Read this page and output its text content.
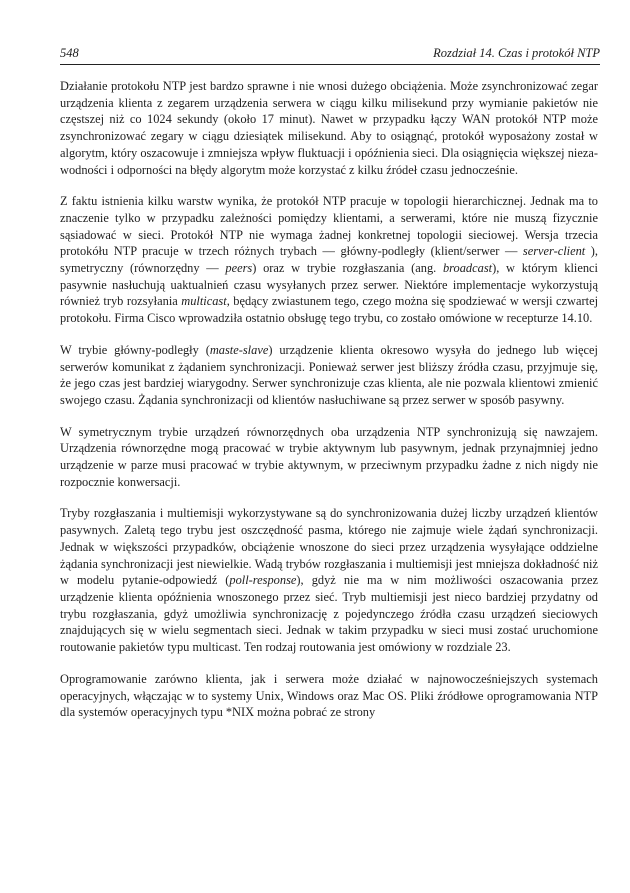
548	Rozdział 14. Czas i protokół NTP

Działanie protokołu NTP jest bardzo sprawne i nie wnosi dużego obciążenia. Może zsynchronizować zegar urządzenia klienta z zegarem urządzenia serwera w ciągu kilku milisekund przy wymianie pakietów nie częstszej niż co 1024 sekundy (około 17 minut). Nawet w przypadku łączy WAN protokół NTP może zsynchronizować zegary w ciągu dziesiątek milisekund. Aby to osiągnąć, protokół wyposażony został w algorytm, który oszacowuje i zmniejsza wpływ fluktuacji i opóźnienia sieci. Dla osiągnięcia większej niezawodności i odporności na błędy algorytm może korzystać z kilku źródeł czasu jednocześnie.

Z faktu istnienia kilku warstw wynika, że protokół NTP pracuje w topologii hierarchicznej. Jednak ma to znaczenie tylko w przypadku zależności pomiędzy klientami, a serwerami, które nie muszą fizycznie sąsiadować w sieci. Protokół NTP nie wymaga żadnej konkretnej topologii sieciowej. Wersja trzecia protokółu NTP pracuje w trzech różnych trybach — główny-podległy (klient/serwer — server-client ), symetryczny (równorzędny — peers) oraz w trybie rozgłaszania (ang. broadcast), w którym klienci pasywnie nasłuchują uaktualnień czasu wysyłanych przez serwer. Niektóre implementacje wykorzystują również tryb rozsyłania multicast, będący zwiastunem tego, czego można się spodziewać w wersji czwartej protokołu. Firma Cisco wprowadziła ostatnio obsługę tego trybu, co zostało omówione w recepturze 14.10.

W trybie główny-podległy (maste-slave) urządzenie klienta okresowo wysyła do jednego lub więcej serwerów komunikat z żądaniem synchronizacji. Ponieważ serwer jest bliższy źródła czasu, przyjmuje się, że jego czas jest bardziej wiarygodny. Serwer synchronizuje czas klienta, ale nie pozwala klientowi zmienić swojego czasu. Żądania synchronizacji od klientów nasłuchiwane są przez serwer w sposób pasywny.

W symetrycznym trybie urządzeń równorzędnych oba urządzenia NTP synchronizują się nawzajem. Urządzenia równorzędne mogą pracować w trybie aktywnym lub pasywnym, jednak przynajmniej jedno urządzenie w parze musi pracować w trybie aktywnym, w przeciwnym przypadku żadne z nich nigdy nie rozpocznie konwersacji.

Tryby rozgłaszania i multiemisji wykorzystywane są do synchronizowania dużej liczby urządzeń klientów pasywnych. Zaletą tego trybu jest oszczędność pasma, którego nie zajmuje wiele żądań synchronizacji. Jednak w większości przypadków, obciążenie wnoszone do sieci przez urządzenia wysyłające oddzielne żądania synchronizacji jest niewielkie. Wadą trybów rozgłaszania i multiemisji jest mniejsza dokładność niż w modelu pytanie-odpowiedź (poll-response), gdyż nie ma w nim możliwości oszacowania przez urządzenie klienta opóźnienia wnoszonego przez sieć. Tryb multiemisji jest nieco bardziej przydatny od trybu rozgłaszania, gdyż umożliwia synchronizację z pojedynczego źródła czasu urządzeń sieciowych znajdujących się w wielu segmentach sieci. Jednak w takim przypadku w sieci musi zostać uruchomione routowanie pakietów typu multicast. Ten rodzaj routowania jest omówiony w rozdziale 23.

Oprogramowanie zarówno klienta, jak i serwera może działać w najnowocześniejszych systemach operacyjnych, włączając w to systemy Unix, Windows oraz Mac OS. Pliki źródłowe oprogramowania NTP dla systemów operacyjnych typu *NIX można pobrać ze strony
